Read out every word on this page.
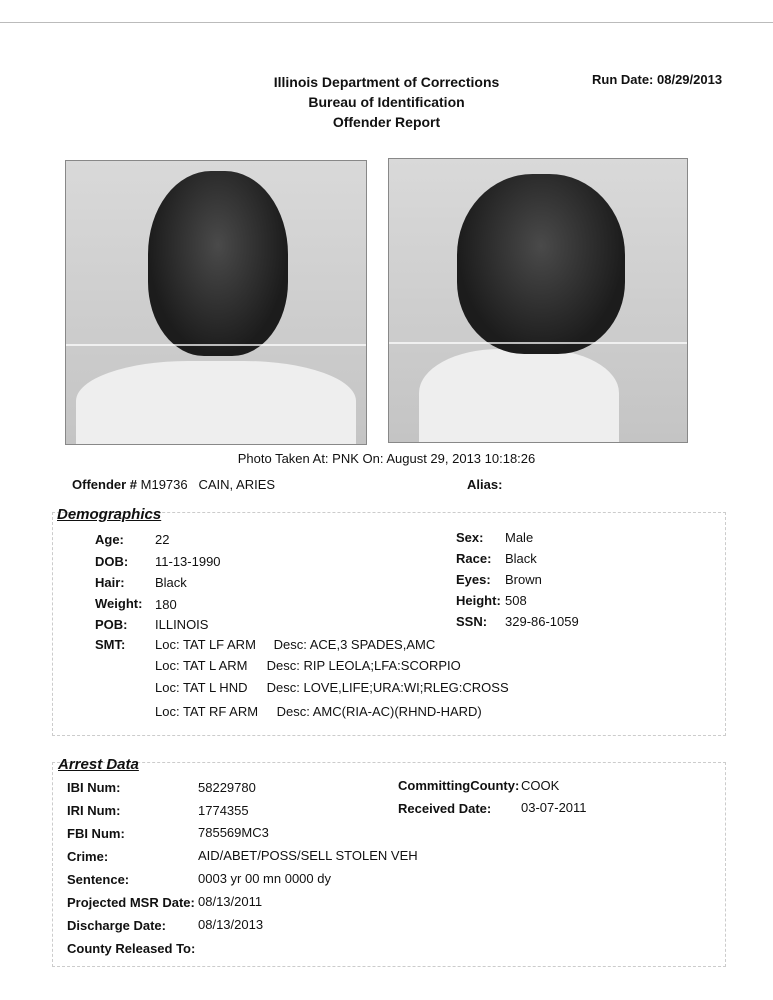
Illinois Department of Corrections
Bureau of Identification
Offender Report
Run Date: 08/29/2013
Photo Taken At: PNK On: August 29, 2013 10:18:26
Offender # M19736 CAIN, ARIES	Alias:
Demographics
Age: 22
DOB: 11-13-1990
Hair: Black
Weight: 180
POB: ILLINOIS
SMT:
Sex: Male
Race: Black
Eyes: Brown
Height: 508
SSN: 329-86-1059
Loc: TAT LF ARM Desc: ACE,3 SPADES,AMC
Loc: TAT L ARM Desc: RIP LEOLA;LFA:SCORPIO
Loc: TAT L HND Desc: LOVE,LIFE;URA:WI;RLEG:CROSS
Loc: TAT RF ARM Desc: AMC(RIA-AC)(RHND-HARD)
Arrest Data
IBI Num:	58229780
IRI Num:	1774355
FBI Num:	785569MC3
Crime:	AID/ABET/POSS/SELL STOLEN VEH
Sentence:	0003 yr 00 mn 0000 dy
Projected MSR Date: 08/13/2011
Discharge Date: 08/13/2013
County Released To:
CommittingCounty: COOK
Received Date: 03-07-2011
